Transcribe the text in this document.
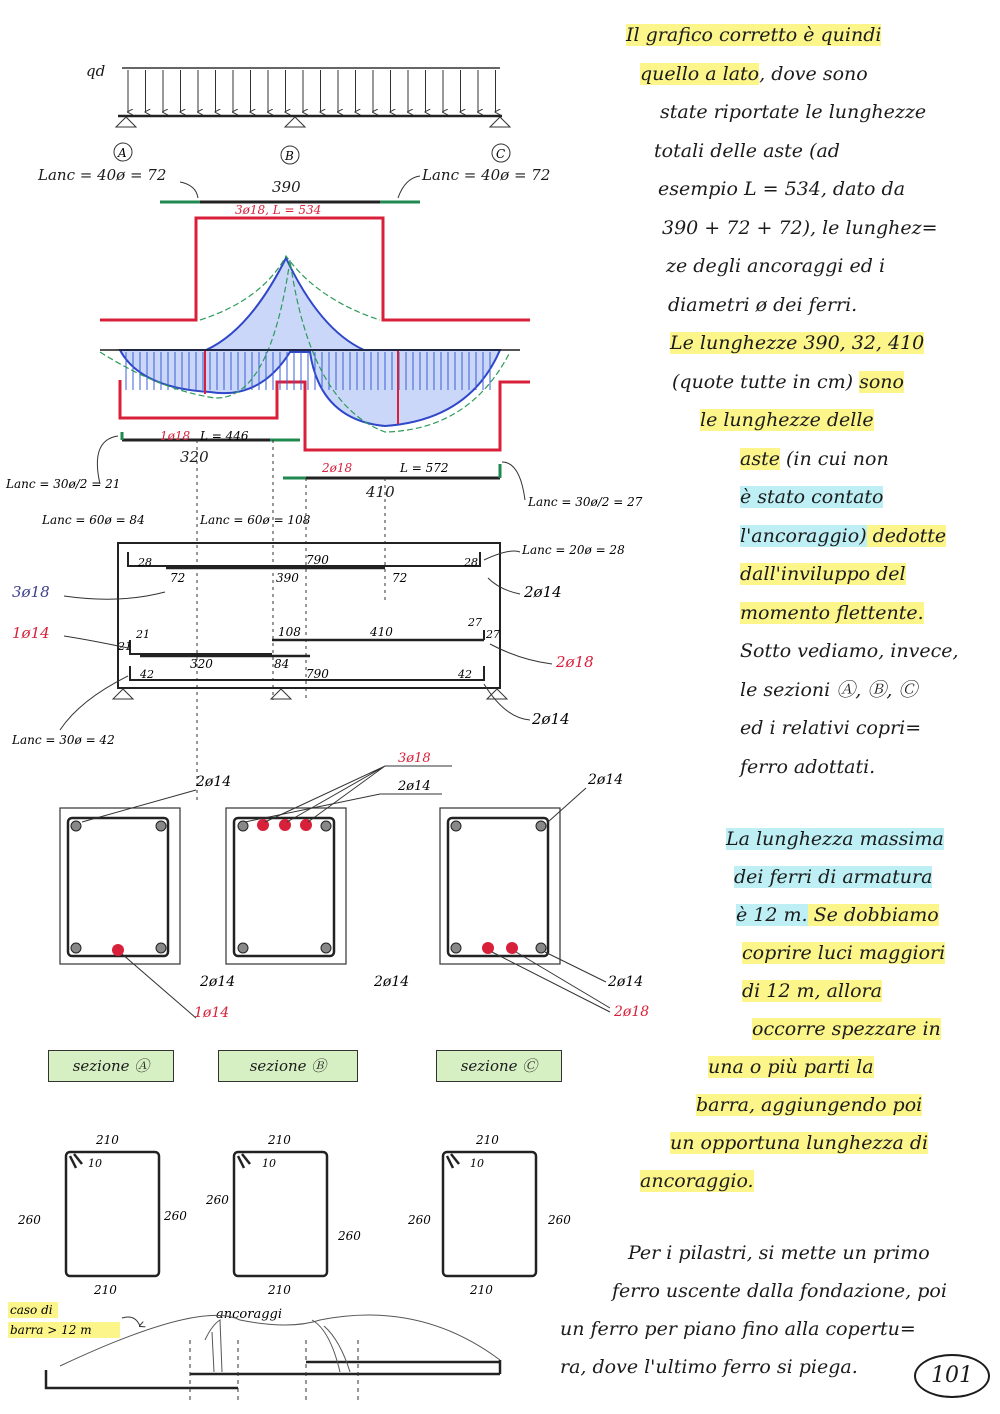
qd
A	B	C
Lanc = 40ø = 72	Lanc = 40ø = 72
390
3ø18, L = 534
1ø18 L = 446
320
2ø18	L = 572
410
Lanc = 30ø/2 = 21
Lanc = 60ø = 84	Lanc = 60ø = 108
Lanc = 30ø/2 = 27
28	28
790
390
72	72
Lanc = 20ø = 28
3ø18	2ø14
1ø14	21
21
108	410
27
27
2ø18
320	84
42	42
790
2ø14
Lanc = 30ø = 42
2ø14
2ø14
1ø14
3ø18
2ø14
2ø14
2ø14
2ø14
2ø18
210
10
260	260
210
210
10
260
260
210
210
10
260	260
210
caso di
barra > 12 m
ancoraggi
sezione Ⓐ	sezione Ⓑ	sezione Ⓒ
Il grafico corretto è quindi
quello a lato, dove sono
state riportate le lunghezze
totali delle aste (ad
esempio L = 534, dato da
390 + 72 + 72), le lunghez=
ze degli ancoraggi ed i
diametri ø dei ferri.
Le lunghezze 390, 32, 410
(quote tutte in cm) sono
le lunghezze delle
aste (in cui non
è stato contato
l'ancoraggio) dedotte
dall'inviluppo del
momento flettente.
Sotto vediamo, invece,
le sezioni Ⓐ, Ⓑ, Ⓒ
ed i relativi copri=
ferro adottati.
La lunghezza massima
dei ferri di armatura
è 12 m. Se dobbiamo
coprire luci maggiori
di 12 m, allora
occorre spezzare in
una o più parti la
barra, aggiungendo poi
un opportuna lunghezza di
ancoraggio.
Per i pilastri, si mette un primo
ferro uscente dalla fondazione, poi
un ferro per piano fino alla copertu=
ra, dove l'ultimo ferro si piega.	101
